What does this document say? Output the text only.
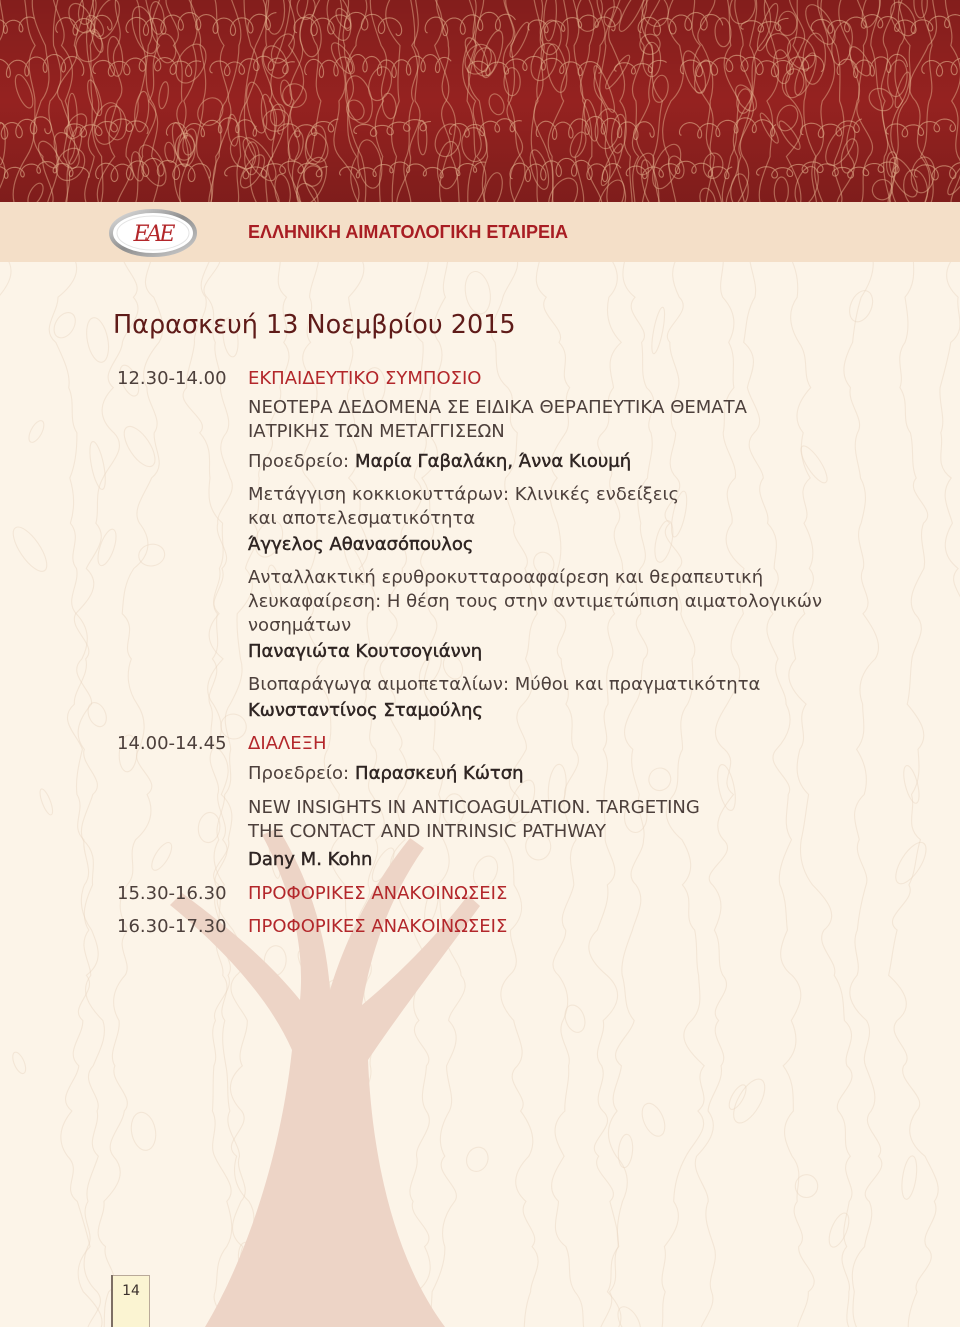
ΕΑΕ	ΕΛΛΗΝΙΚΗ ΑΙΜΑΤΟΛΟΓΙΚΗ ΕΤΑΙΡΕΙΑ
Παρασκευή 13 Νοεμβρίου 2015
12.30-14.00 ΕΚΠΑΙΔΕΥΤΙΚΟ ΣΥΜΠΟΣΙΟ
ΝΕΟΤΕΡΑ ΔΕΔΟΜΕΝΑ ΣΕ ΕΙΔΙΚΑ ΘΕΡΑΠΕΥΤΙΚΑ ΘΕΜΑΤΑ
ΙΑΤΡΙΚΗΣ ΤΩΝ ΜΕΤΑΓΓΙΣΕΩΝ
Προεδρείο: Μαρία Γαβαλάκη, Άννα Κιουμή
Μετάγγιση κοκκιοκυττάρων: Κλινικές ενδείξεις
και αποτελεσματικότητα
Άγγελος Αθανασόπουλος
Ανταλλακτική ερυθροκυτταροαφαίρεση και θεραπευτική
λευκαφαίρεση: Η θέση τους στην αντιμετώπιση αιματολογικών
νοσημάτων
Παναγιώτα Κουτσογιάννη
Βιοπαράγωγα αιμοπεταλίων: Μύθοι και πραγματικότητα
Κωνσταντίνος Σταμούλης
14.00-14.45 ΔΙΑΛΕΞΗ
Προεδρείο: Παρασκευή Κώτση
NEW INSIGHTS IN ANTICOAGULATION. TARGETING
THE CONTACT AND INTRINSIC PATHWAY
Dany M. Kohn
15.30-16.30 ΠΡΟΦΟΡΙΚΕΣ ΑΝΑΚΟΙΝΩΣΕΙΣ
16.30-17.30 ΠΡΟΦΟΡΙΚΕΣ ΑΝΑΚΟΙΝΩΣΕΙΣ
14
